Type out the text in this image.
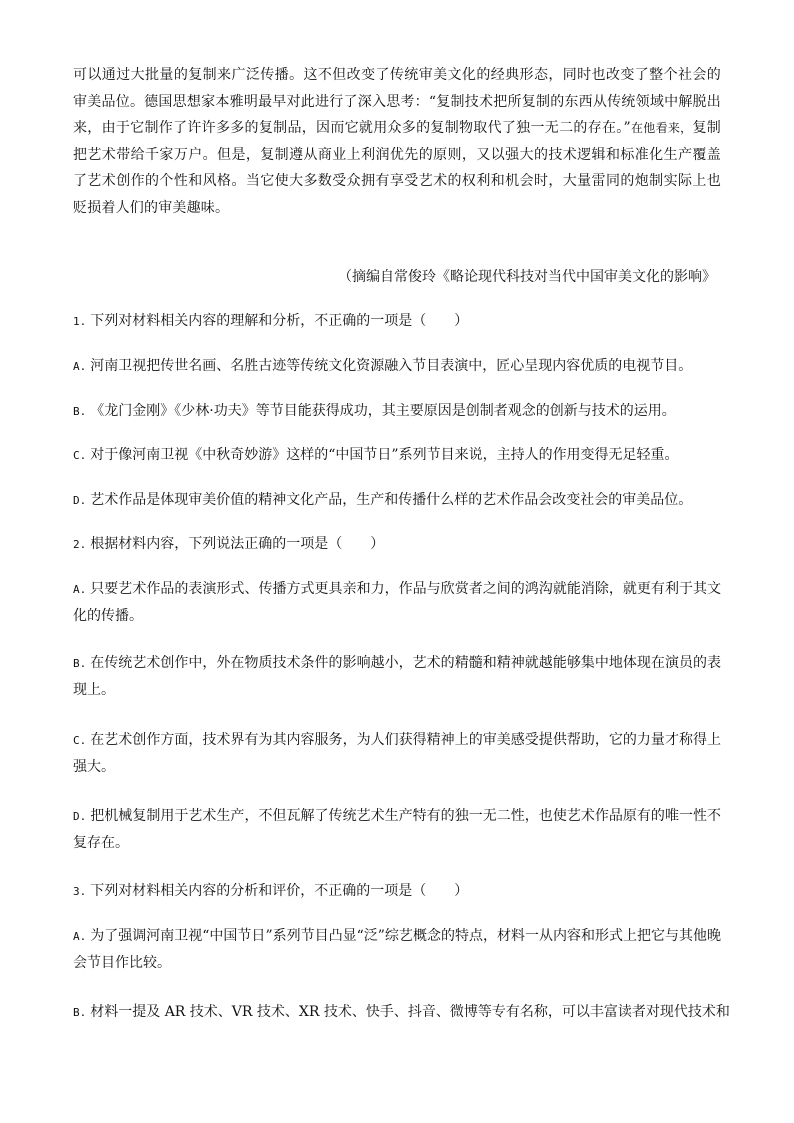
可以通过大批量的复制来广泛传播。这不但改变了传统审美文化的经典形态，同时也改变了整个社会的审美品位。德国思想家本雅明最早对此进行了深入思考：“复制技术把所复制的东西从传统领域中解脱出来，由于它制作了许许多多的复制品，因而它就用众多的复制物取代了独一无二的存在。”在他看来，复制把艺术带给千家万户。但是，复制遵从商业上利润优先的原则，又以强大的技术逻辑和标准化生产覆盖了艺术创作的个性和风格。当它使大多数受众拥有享受艺术的权利和机会时，大量雷同的炮制实际上也贬损着人们的审美趣味。

（摘编自常俊玲《略论现代科技对当代中国审美文化的影响》

1. 下列对材料相关内容的理解和分析，不正确的一项是（　　）

A. 河南卫视把传世名画、名胜古迹等传统文化资源融入节目表演中，匠心呈现内容优质的电视节目。

B. 《龙门金刚》《少林·功夫》等节目能获得成功，其主要原因是创制者观念的创新与技术的运用。

C. 对于像河南卫视《中秋奇妙游》这样的“中国节日”系列节目来说，主持人的作用变得无足轻重。

D. 艺术作品是体现审美价值的精神文化产品，生产和传播什么样的艺术作品会改变社会的审美品位。

2. 根据材料内容，下列说法正确的一项是（　　）

A. 只要艺术作品的表演形式、传播方式更具亲和力，作品与欣赏者之间的鸿沟就能消除，就更有利于其文化的传播。

B. 在传统艺术创作中，外在物质技术条件的影响越小，艺术的精髓和精神就越能够集中地体现在演员的表现上。

C. 在艺术创作方面，技术界有为其内容服务，为人们获得精神上的审美感受提供帮助，它的力量才称得上强大。

D. 把机械复制用于艺术生产，不但瓦解了传统艺术生产特有的独一无二性，也使艺术作品原有的唯一性不复存在。

3. 下列对材料相关内容的分析和评价，不正确的一项是（　　）

A. 为了强调河南卫视“中国节日”系列节目凸显“泛”综艺概念的特点，材料一从内容和形式上把它与其他晚会节目作比较。

B. 材料一提及 AR 技术、VR 技术、XR 技术、快手、抖音、微博等专有名称，可以丰富读者对现代技术和
